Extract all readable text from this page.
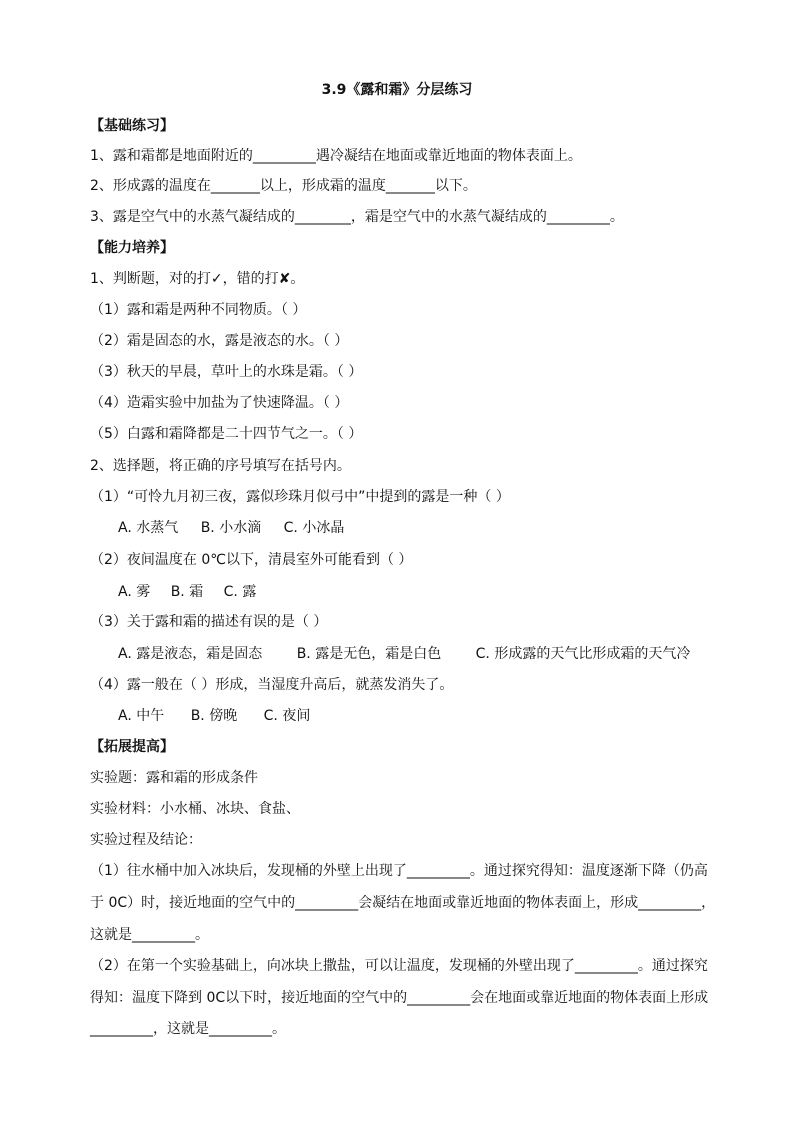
3.9《露和霜》分层练习
【基础练习】
1、露和霜都是地面附近的_________遇冷凝结在地面或靠近地面的物体表面上。
2、形成露的温度在_______以上，形成霜的温度_______以下。
3、露是空气中的水蒸气凝结成的________，霜是空气中的水蒸气凝结成的_________。
【能力培养】
1、判断题，对的打✓，错的打✘。
（1）露和霜是两种不同物质。（ ）
（2）霜是固态的水，露是液态的水。（ ）
（3）秋天的早晨，草叶上的水珠是霜。（ ）
（4）造霜实验中加盐为了快速降温。（ ）
（5）白露和霜降都是二十四节气之一。（ ）
2、选择题，将正确的序号填写在括号内。
（1）“可怜九月初三夜，露似珍珠月似弓中”中提到的露是一种（ ）
A. 水蒸气 B. 小水滴 C. 小冰晶
（2）夜间温度在 0℃以下，清晨室外可能看到（ ）
A. 雾 B. 霜 C. 露
（3）关于露和霜的描述有误的是（ ）
A. 露是液态，霜是固态 B. 露是无色，霜是白色 C. 形成露的天气比形成霜的天气冷
（4）露一般在（ ）形成，当湿度升高后，就蒸发消失了。
A. 中午 B. 傍晚 C. 夜间
【拓展提高】
实验题：露和霜的形成条件
实验材料：小水桶、冰块、食盐、
实验过程及结论：
（1）往水桶中加入冰块后，发现桶的外壁上出现了_________。通过探究得知：温度逐渐下降（仍高
于 0C）时，接近地面的空气中的_________会凝结在地面或靠近地面的物体表面上，形成_________，
这就是_________。
（2）在第一个实验基础上，向冰块上撒盐，可以让温度，发现桶的外壁出现了_________。通过探究
得知：温度下降到 0C以下时，接近地面的空气中的_________会在地面或靠近地面的物体表面上形成
_________，这就是_________。
